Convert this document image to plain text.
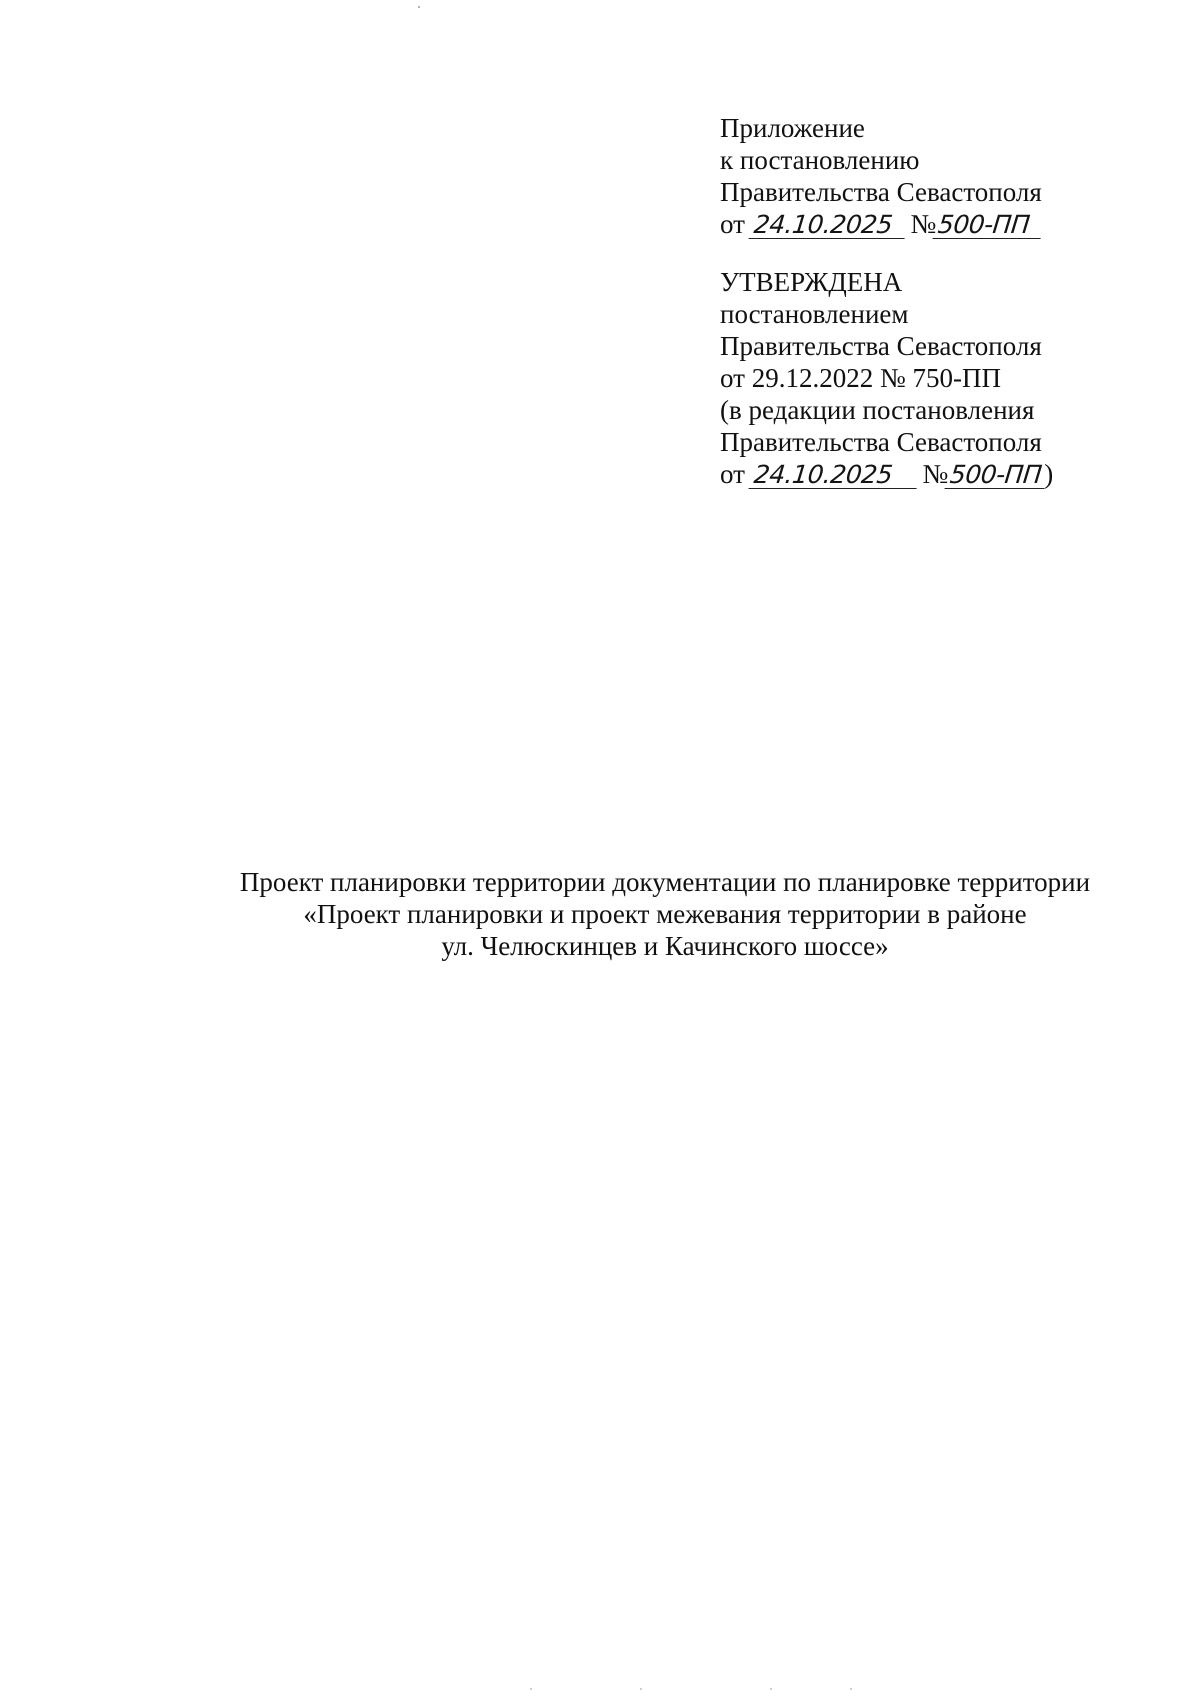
Приложение
к постановлению
Правительства Севастополя
от 24.10.2025 №500-ПП
УТВЕРЖДЕНА
постановлением
Правительства Севастополя
от 29.12.2022 № 750-ПП
(в редакции постановления
Правительства Севастополя
от 24.10.2025 №500-ПП)
Проект планировки территории документации по планировке территории
«Проект планировки и проект межевания территории в районе
ул. Челюскинцев и Качинского шоссе»
